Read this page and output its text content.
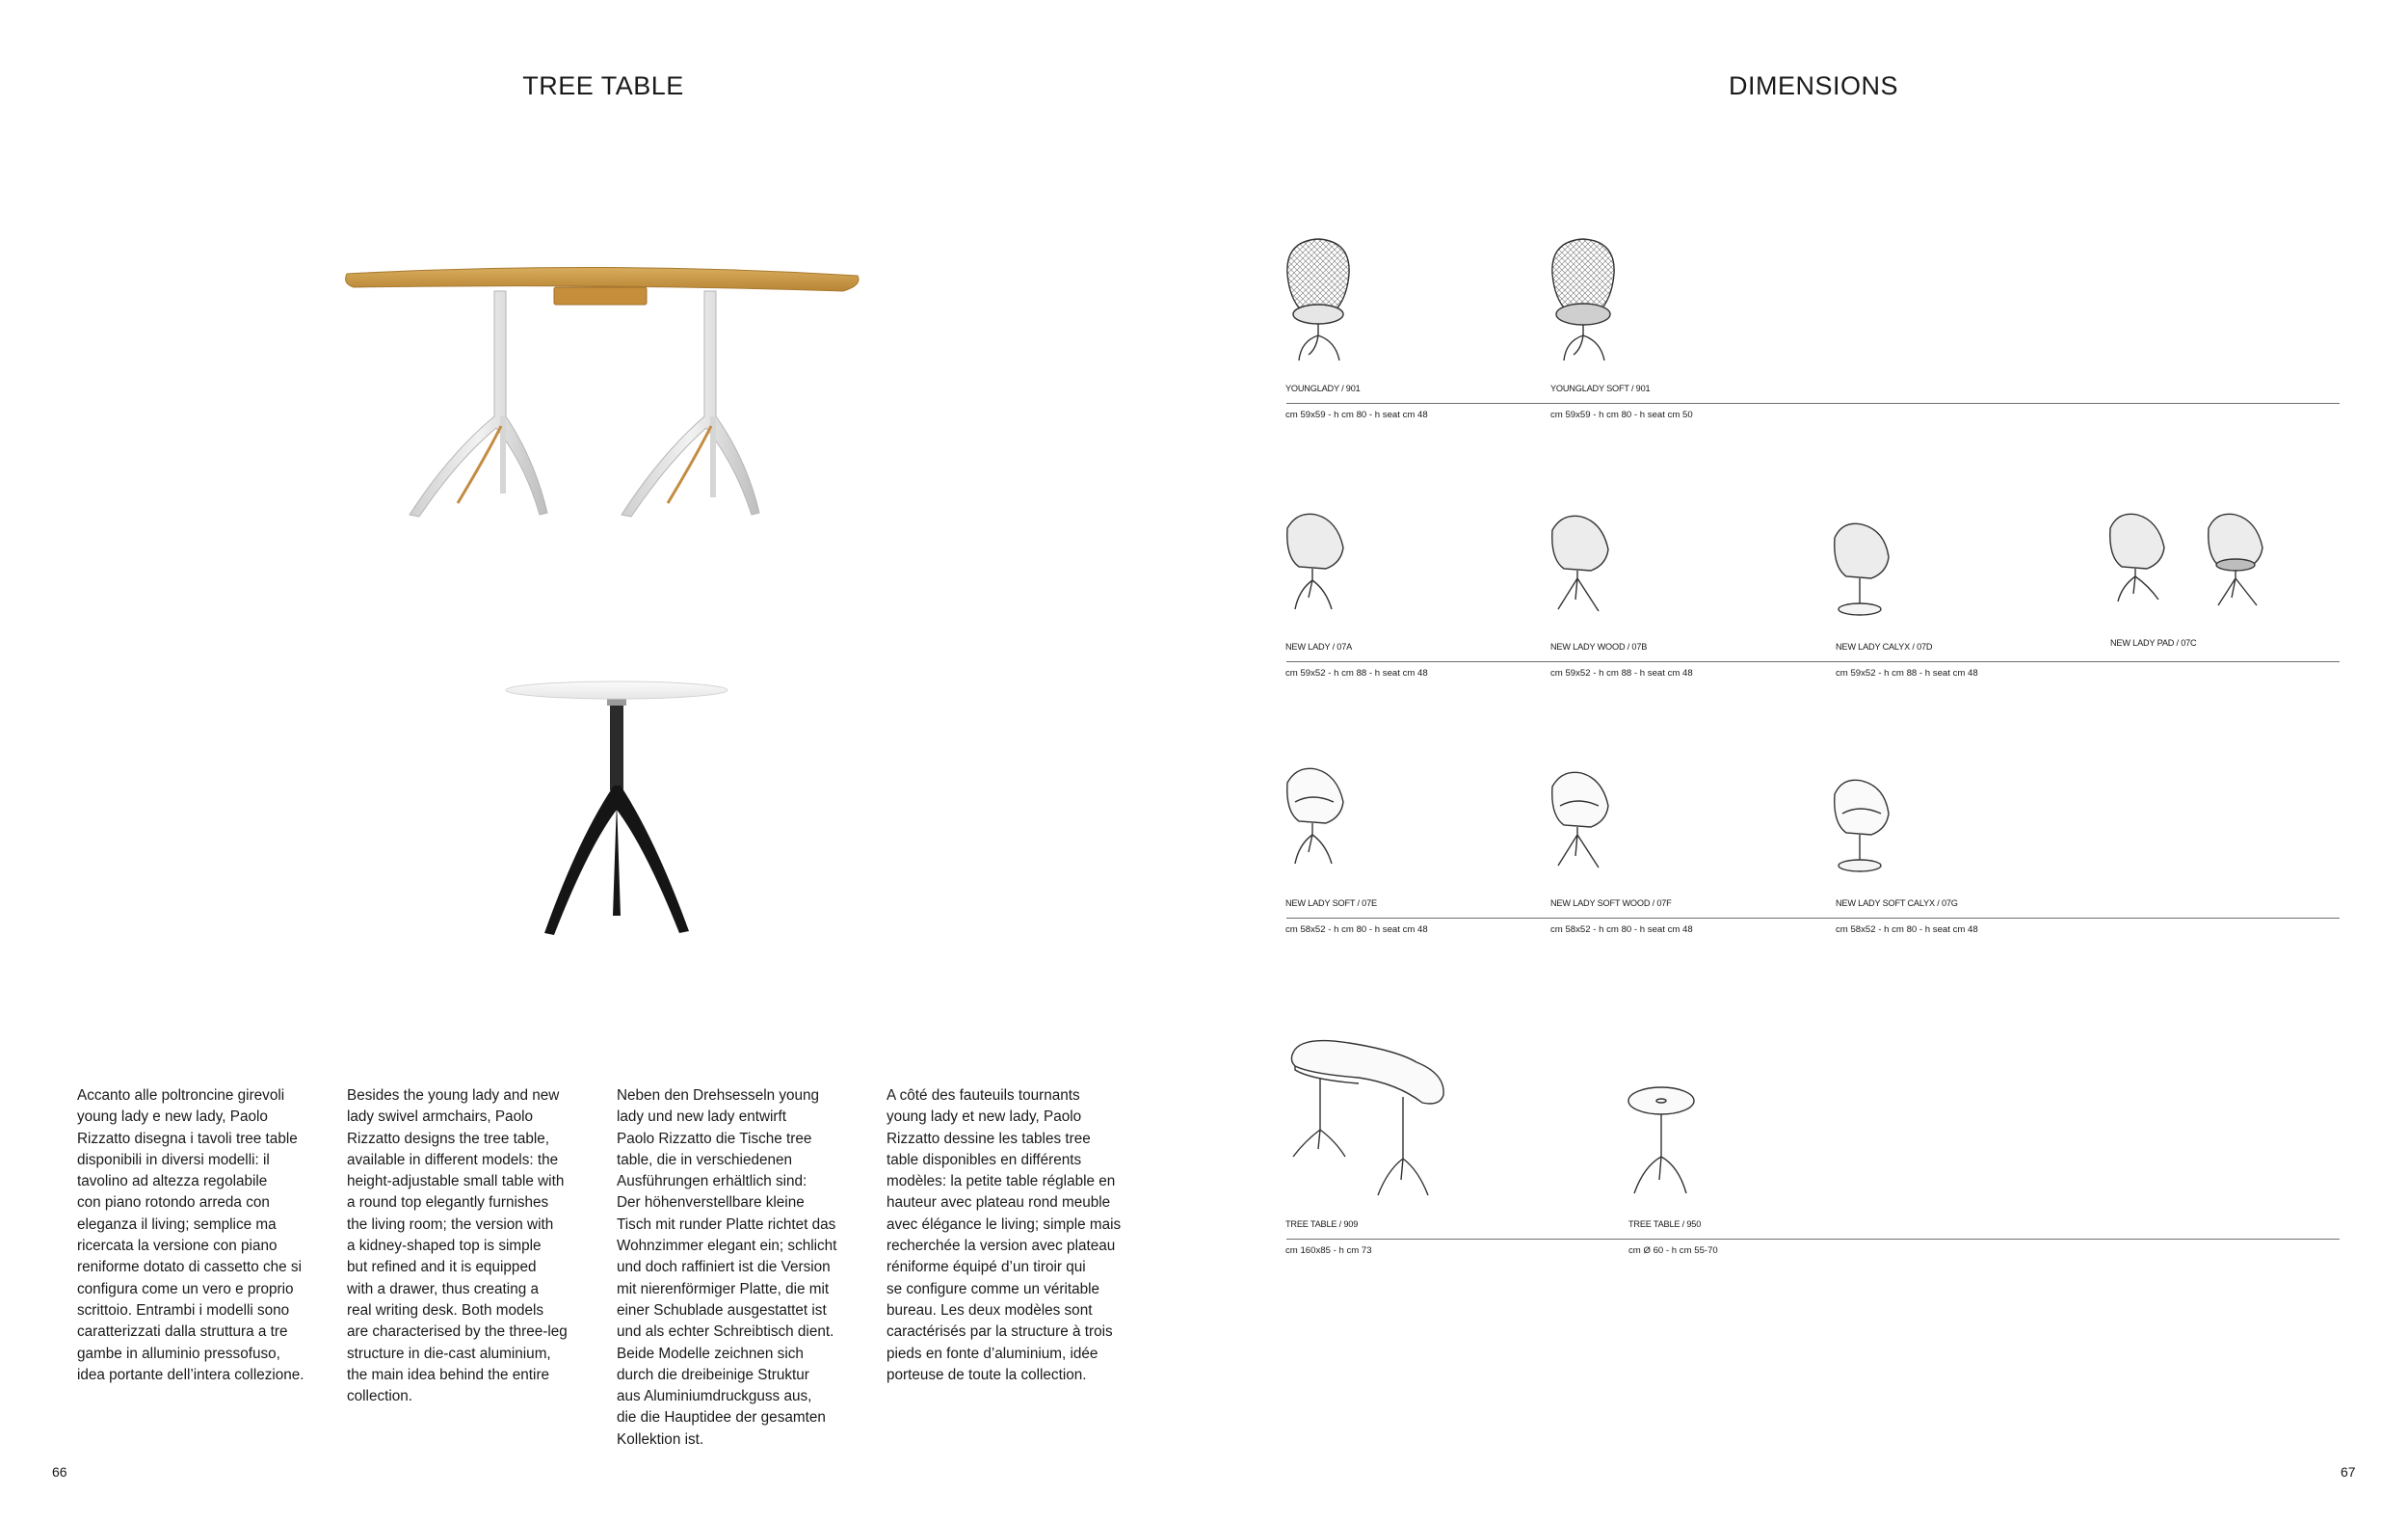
TREE TABLE	DIMENSIONS
Accanto alle poltroncine girevoli
young lady e new lady, Paolo
Rizzatto disegna i tavoli tree table
disponibili in diversi modelli: il
tavolino ad altezza regolabile
con piano rotondo arreda con
eleganza il living; semplice ma
ricercata la versione con piano
reniforme dotato di cassetto che si
configura come un vero e proprio
scrittoio. Entrambi i modelli sono
caratterizzati dalla struttura a tre
gambe in alluminio pressofuso,
idea portante dell’intera collezione.
Besides the young lady and new
lady swivel armchairs, Paolo
Rizzatto designs the tree table,
available in different models: the
height-adjustable small table with
a round top elegantly furnishes
the living room; the version with
a kidney-shaped top is simple
but refined and it is equipped
with a drawer, thus creating a
real writing desk. Both models
are characterised by the three-leg
structure in die-cast aluminium,
the main idea behind the entire
collection.
Neben den Drehsesseln young
lady und new lady entwirft
Paolo Rizzatto die Tische tree
table, die in verschiedenen
Ausführungen erhältlich sind:
Der höhenverstellbare kleine
Tisch mit runder Platte richtet das
Wohnzimmer elegant ein; schlicht
und doch raffiniert ist die Version
mit nierenförmiger Platte, die mit
einer Schublade ausgestattet ist
und als echter Schreibtisch dient.
Beide Modelle zeichnen sich
durch die dreibeinige Struktur
aus Aluminiumdruckguss aus,
die die Hauptidee der gesamten
Kollektion ist.
A côté des fauteuils tournants
young lady et new lady, Paolo
Rizzatto dessine les tables tree
table disponibles en différents
modèles: la petite table réglable en
hauteur avec plateau rond meuble
avec élégance le living; simple mais
recherchée la version avec plateau
réniforme équipé d’un tiroir qui
se configure comme un véritable
bureau. Les deux modèles sont
caractérisés par la structure à trois
pieds en fonte d’aluminium, idée
porteuse de toute la collection.
66	67
YOUNGLADY / 901	YOUNGLADY SOFT / 901
cm 59x59 - h cm 80 - h seat cm 48	cm 59x59 - h cm 80 - h seat cm 50
NEW LADY / 07A	NEW LADY WOOD / 07B	NEW LADY CALYX / 07D	NEW LADY PAD / 07C
cm 59x52 - h cm 88 - h seat cm 48	cm 59x52 - h cm 88 - h seat cm 48	cm 59x52 - h cm 88 - h seat cm 48
NEW LADY SOFT / 07E	NEW LADY SOFT WOOD / 07F	NEW LADY SOFT CALYX / 07G
cm 58x52 - h cm 80 - h seat cm 48	cm 58x52 - h cm 80 - h seat cm 48	cm 58x52 - h cm 80 - h seat cm 48
TREE TABLE / 909	TREE TABLE / 950
cm 160x85 - h cm 73	cm Ø 60 - h cm 55-70
